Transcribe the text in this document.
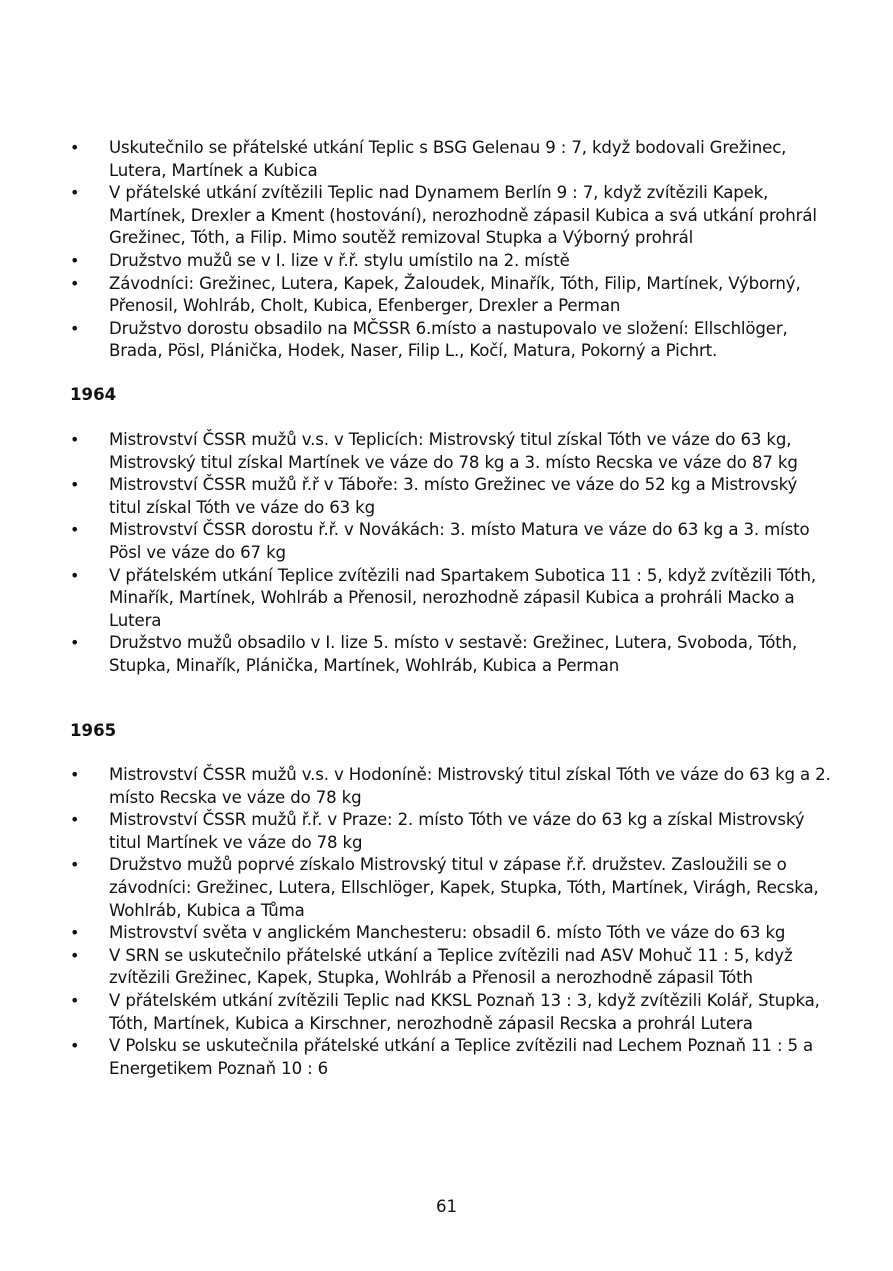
• Uskutečnilo se přátelské utkání Teplic s BSG Gelenau 9 : 7, když bodovali Grežinec, Lutera, Martínek a Kubica
• V přátelské utkání zvítězili Teplic nad Dynamem Berlín 9 : 7, když zvítězili Kapek, Martínek, Drexler a Kment (hostování), nerozhodně zápasil Kubica a svá utkání prohrál Grežinec, Tóth, a Filip. Mimo soutěž remizoval Stupka a Výborný prohrál
• Družstvo mužů se v I. lize v ř.ř. stylu umístilo na 2. místě
• Závodníci: Grežinec, Lutera, Kapek, Žaloudek, Minařík, Tóth, Filip, Martínek, Výborný, Přenosil, Wohlráb, Cholt, Kubica, Efenberger, Drexler a Perman
• Družstvo dorostu obsadilo na MČSSR 6.místo a nastupovalo ve složení: Ellschlöger, Brada, Pösl, Plánička, Hodek, Naser, Filip L., Kočí, Matura, Pokorný a Pichrt.
1964
• Mistrovství ČSSR mužů v.s. v Teplicích: Mistrovský titul získal Tóth ve váze do 63 kg, Mistrovský titul získal Martínek ve váze do 78 kg a 3. místo Recska ve váze do 87 kg
• Mistrovství ČSSR mužů ř.ř v Táboře: 3. místo Grežinec ve váze do 52 kg a Mistrovský titul získal Tóth ve váze do 63 kg
• Mistrovství ČSSR dorostu ř.ř. v Novákách: 3. místo Matura ve váze do 63 kg a 3. místo Pösl ve váze do 67 kg
• V přátelském utkání Teplice zvítězili nad Spartakem Subotica 11 : 5, když zvítězili Tóth, Minařík, Martínek, Wohlráb a Přenosil, nerozhodně zápasil Kubica a prohráli Macko a Lutera
• Družstvo mužů obsadilo v I. lize 5. místo v sestavě: Grežinec, Lutera, Svoboda, Tóth, Stupka, Minařík, Plánička, Martínek, Wohlráb, Kubica a Perman
1965
• Mistrovství ČSSR mužů v.s. v Hodoníně: Mistrovský titul získal Tóth ve váze do 63 kg a 2. místo Recska ve váze do 78 kg
• Mistrovství ČSSR mužů ř.ř. v Praze: 2. místo Tóth ve váze do 63 kg a získal Mistrovský titul Martínek ve váze do 78 kg
• Družstvo mužů poprvé získalo Mistrovský titul v zápase ř.ř. družstev. Zasloužili se o závodníci: Grežinec, Lutera, Ellschlöger, Kapek, Stupka, Tóth, Martínek, Virágh, Recska, Wohlráb, Kubica a Tůma
• Mistrovství světa v anglickém Manchesteru: obsadil 6. místo Tóth ve váze do 63 kg
• V SRN se uskutečnilo přátelské utkání a Teplice zvítězili nad ASV Mohuč 11 : 5, když zvítězili Grežinec, Kapek, Stupka, Wohlráb a Přenosil a nerozhodně zápasil Tóth
• V přátelském utkání zvítězili Teplic nad KKSL Poznaň 13 : 3, když zvítězili Kolář, Stupka, Tóth, Martínek, Kubica a Kirschner, nerozhodně zápasil Recska a prohrál Lutera
• V Polsku se uskutečnila přátelské utkání a Teplice zvítězili nad Lechem Poznaň 11 : 5 a Energetikem Poznaň 10 : 6
61
